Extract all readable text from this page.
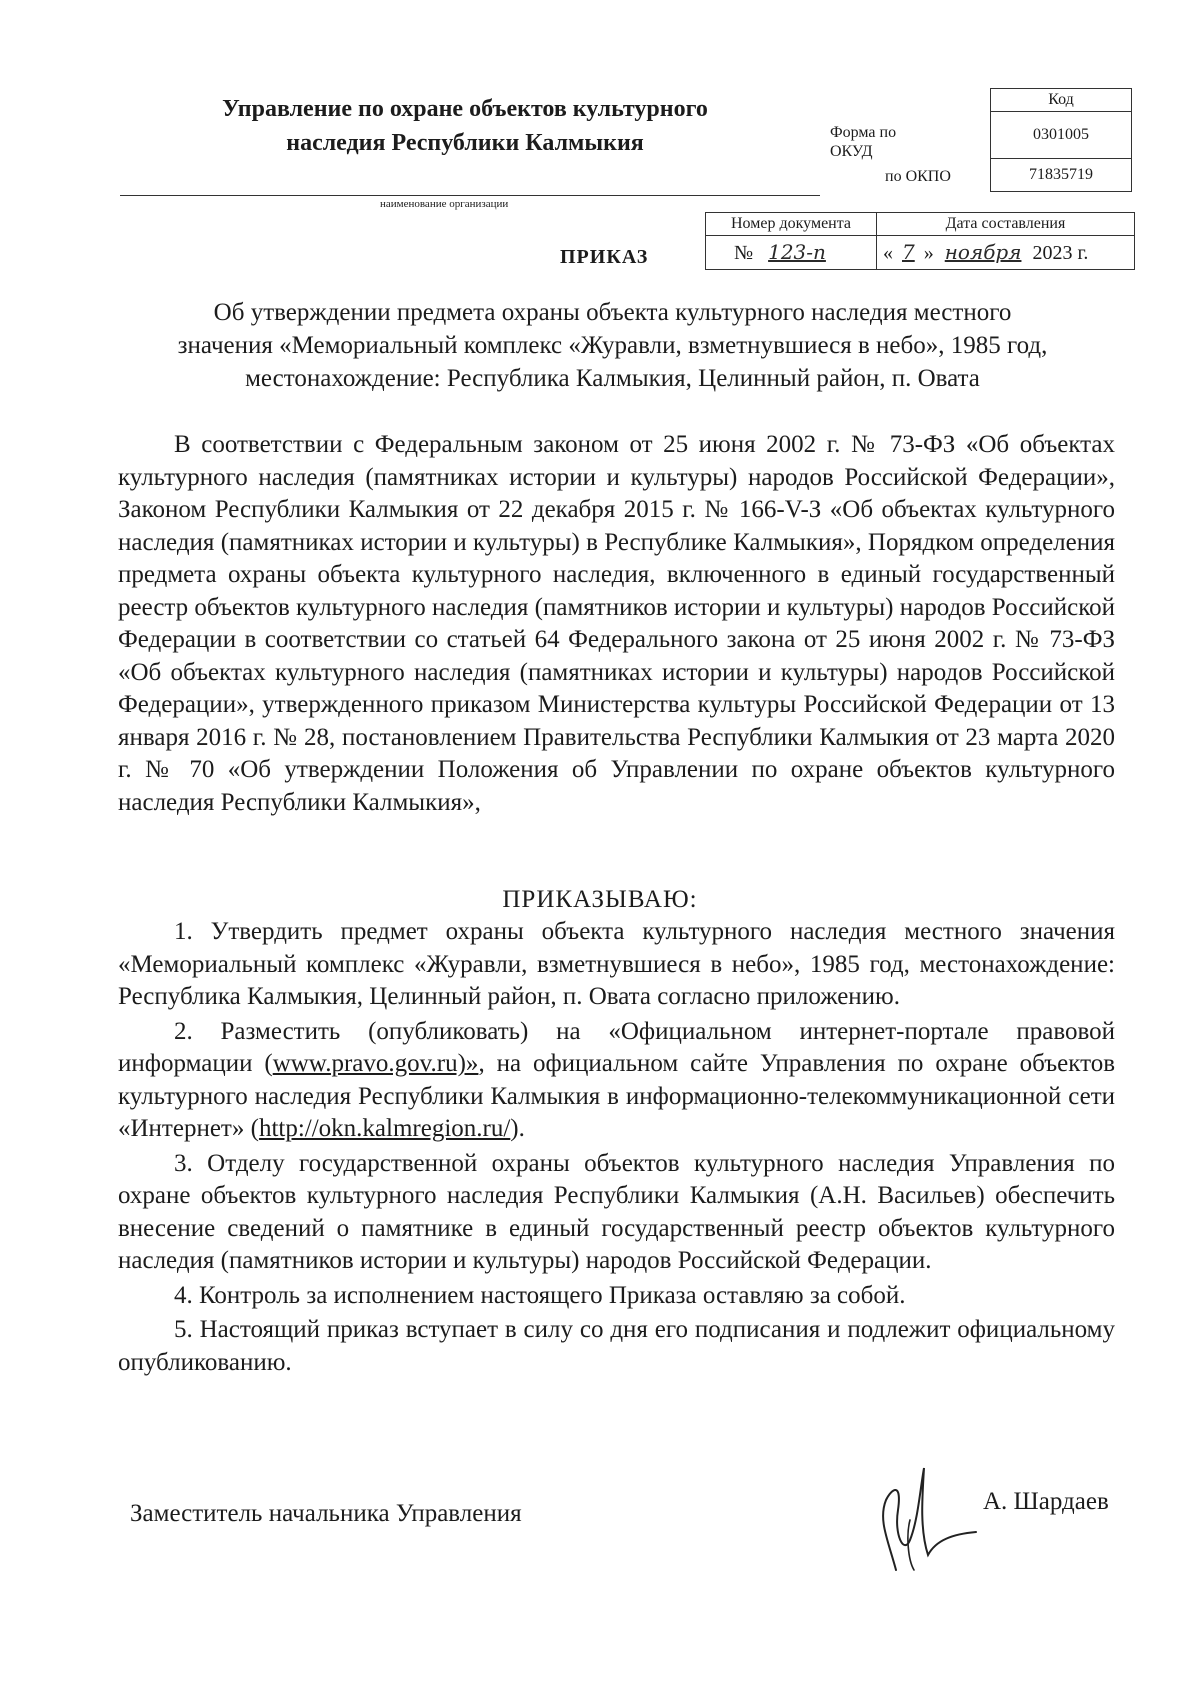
Управление по охране объектов культурного
наследия Республики Калмыкия
наименование организации
Форма по
ОКУД
по ОКПО
Код
0301005
71835719
ПРИКАЗ
Номер документа	Дата составления
№ 123-п	« 7 » ноября 2023 г.
Об утверждении предмета охраны объекта культурного наследия местного
значения «Мемориальный комплекс «Журавли, взметнувшиеся в небо», 1985 год,
местонахождение: Республика Калмыкия, Целинный район, п. Овата

В соответствии с Федеральным законом от 25 июня 2002 г. № 73-ФЗ «Об объектах культурного наследия (памятниках истории и культуры) народов Российской Федерации», Законом Республики Калмыкия от 22 декабря 2015 г. № 166-V-З «Об объектах культурного наследия (памятниках истории и культуры) в Республике Калмыкия», Порядком определения предмета охраны объекта культурного наследия, включенного в единый государственный реестр объектов культурного наследия (памятников истории и культуры) народов Российской Федерации в соответствии со статьей 64 Федерального закона от 25 июня 2002 г. № 73-ФЗ «Об объектах культурного наследия (памятниках истории и культуры) народов Российской Федерации», утвержденного приказом Министерства культуры Российской Федерации от 13 января 2016 г. № 28, постановлением Правительства Республики Калмыкия от 23 марта 2020 г. № 70 «Об утверждении Положения об Управлении по охране объектов культурного наследия Республики Калмыкия»,

ПРИКАЗЫВАЮ:

1. Утвердить предмет охраны объекта культурного наследия местного значения «Мемориальный комплекс «Журавли, взметнувшиеся в небо», 1985 год, местонахождение: Республика Калмыкия, Целинный район, п. Овата согласно приложению.

2. Разместить (опубликовать) на «Официальном интернет-портале правовой информации (www.pravo.gov.ru)», на официальном сайте Управления по охране объектов культурного наследия Республики Калмыкия в информационно-телекоммуникационной сети «Интернет» (http://okn.kalmregion.ru/).

3. Отделу государственной охраны объектов культурного наследия Управления по охране объектов культурного наследия Республики Калмыкия (А.Н. Васильев) обеспечить внесение сведений о памятнике в единый государственный реестр объектов культурного наследия (памятников истории и культуры) народов Российской Федерации.

4. Контроль за исполнением настоящего Приказа оставляю за собой.

5. Настоящий приказ вступает в силу со дня его подписания и подлежит официальному опубликованию.

Заместитель начальника Управления	А. Шардаев
